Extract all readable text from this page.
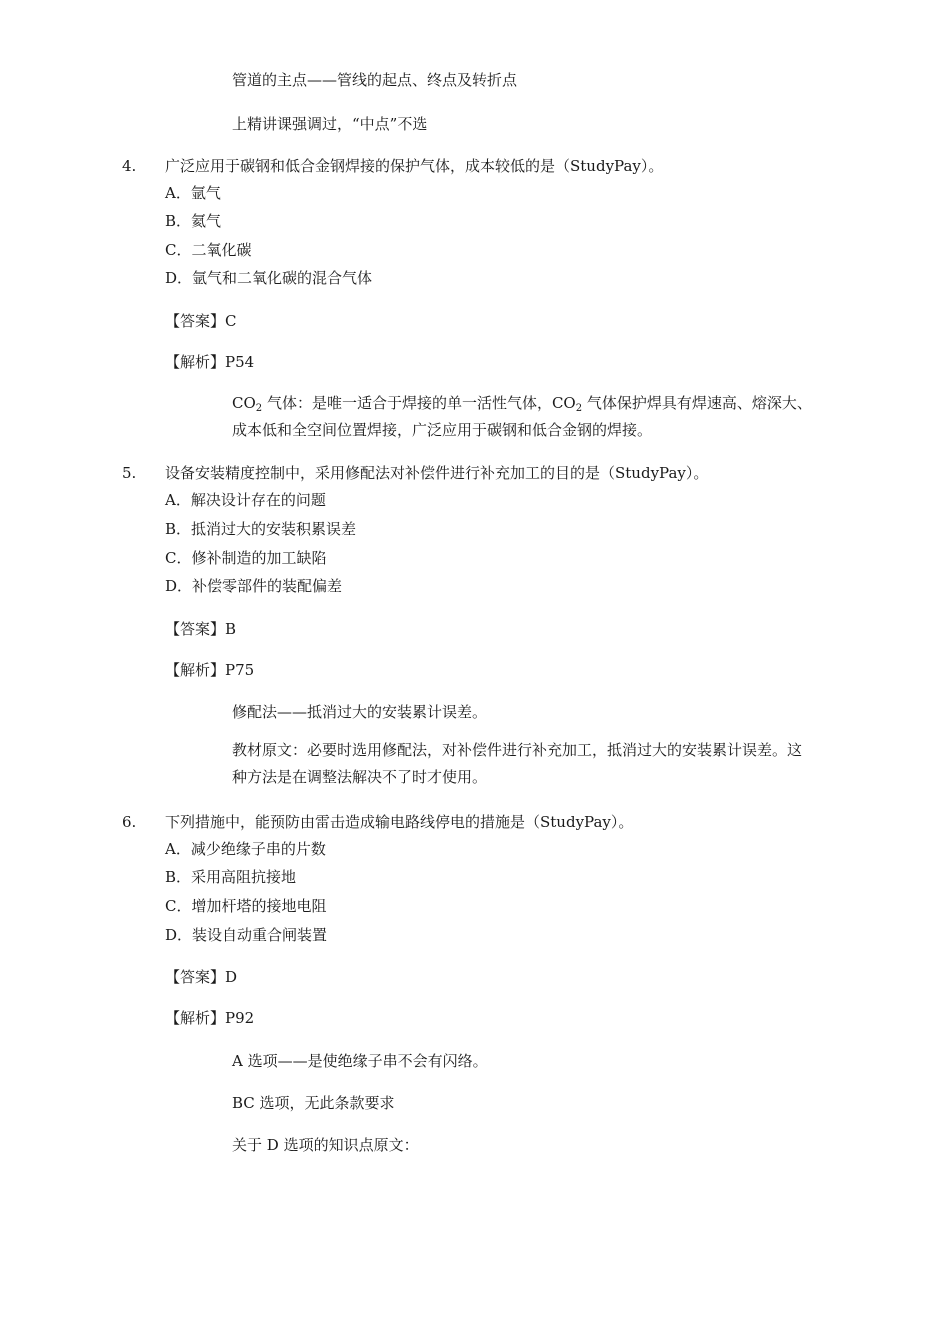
管道的主点——管线的起点、终点及转折点
上精讲课强调过，“中点”不选
4. 广泛应用于碳钢和低合金钢焊接的保护气体，成本较低的是（StudyPay）。
A．氩气
B．氦气
C．二氧化碳
D．氩气和二氧化碳的混合气体
【答案】C
【解析】P54
$CO_2$ 气体：是唯一适合于焊接的单一活性气体，$CO_2$ 气体保护焊具有焊速高、熔深大、成本低和全空间位置焊接，广泛应用于碳钢和低合金钢的焊接。
5. 设备安装精度控制中，采用修配法对补偿件进行补充加工的目的是（StudyPay）。
A．解决设计存在的问题
B．抵消过大的安装积累误差
C．修补制造的加工缺陷
D．补偿零部件的装配偏差
【答案】B
【解析】P75
修配法——抵消过大的安装累计误差。
教材原文：必要时选用修配法，对补偿件进行补充加工，抵消过大的安装累计误差。这种方法是在调整法解决不了时才使用。
6. 下列措施中，能预防由雷击造成输电路线停电的措施是（StudyPay）。
A．减少绝缘子串的片数
B．采用高阻抗接地
C．增加杆塔的接地电阻
D．装设自动重合闸装置
【答案】D
【解析】P92
A 选项——是使绝缘子串不会有闪络。
BC 选项，无此条款要求
关于 D 选项的知识点原文：
